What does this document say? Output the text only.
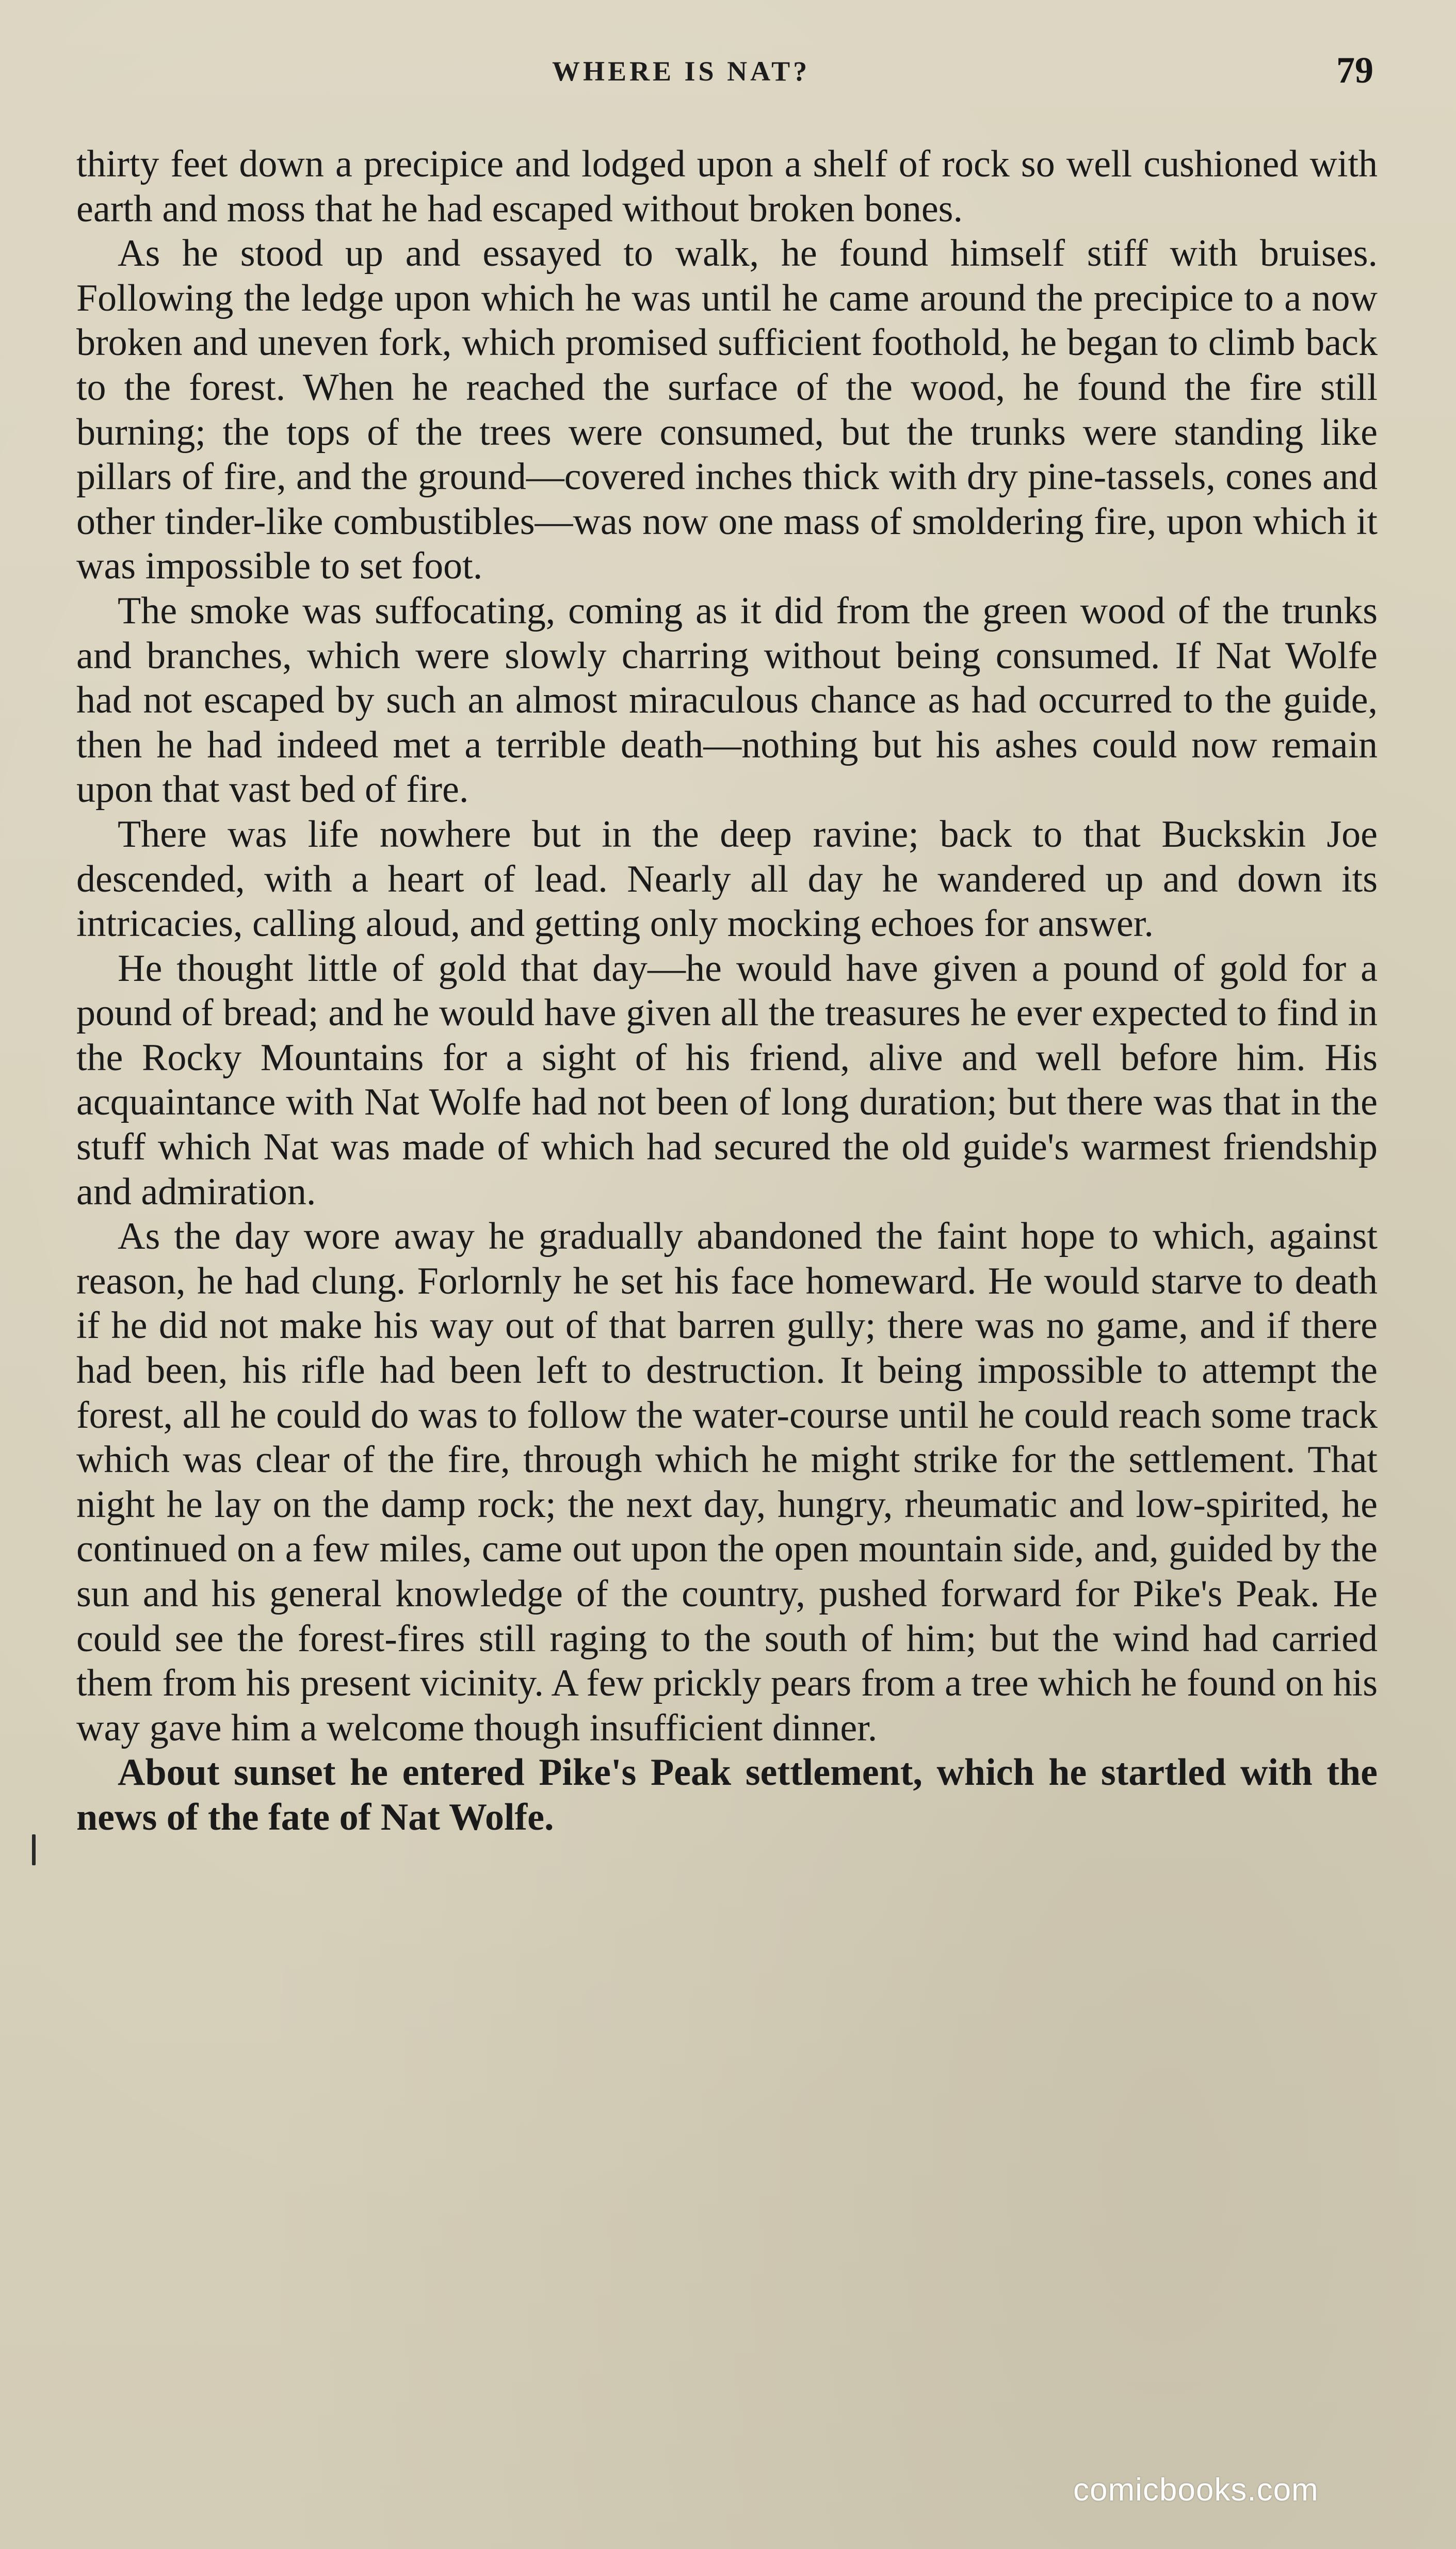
WHERE IS NAT?	79

thirty feet down a precipice and lodged upon a shelf of rock so well cushioned with earth and moss that he had escaped without broken bones.

As he stood up and essayed to walk, he found himself stiff with bruises. Following the ledge upon which he was until he came around the precipice to a now broken and uneven fork, which promised sufficient foothold, he began to climb back to the forest. When he reached the surface of the wood, he found the fire still burning; the tops of the trees were consumed, but the trunks were standing like pillars of fire, and the ground—covered inches thick with dry pine-tassels, cones and other tinder-like combustibles—was now one mass of smoldering fire, upon which it was impossible to set foot.

The smoke was suffocating, coming as it did from the green wood of the trunks and branches, which were slowly charring without being consumed. If Nat Wolfe had not escaped by such an almost miraculous chance as had occurred to the guide, then he had indeed met a terrible death—nothing but his ashes could now remain upon that vast bed of fire.

There was life nowhere but in the deep ravine; back to that Buckskin Joe descended, with a heart of lead. Nearly all day he wandered up and down its intricacies, calling aloud, and getting only mocking echoes for answer.

He thought little of gold that day—he would have given a pound of gold for a pound of bread; and he would have given all the treasures he ever expected to find in the Rocky Mountains for a sight of his friend, alive and well before him. His acquaintance with Nat Wolfe had not been of long duration; but there was that in the stuff which Nat was made of which had secured the old guide's warmest friendship and admiration.

As the day wore away he gradually abandoned the faint hope to which, against reason, he had clung. Forlornly he set his face homeward. He would starve to death if he did not make his way out of that barren gully; there was no game, and if there had been, his rifle had been left to destruction. It being impossible to attempt the forest, all he could do was to follow the water-course until he could reach some track which was clear of the fire, through which he might strike for the settlement. That night he lay on the damp rock; the next day, hungry, rheumatic and low-spirited, he continued on a few miles, came out upon the open mountain side, and, guided by the sun and his general knowledge of the country, pushed forward for Pike's Peak. He could see the forest-fires still raging to the south of him; but the wind had carried them from his present vicinity. A few prickly pears from a tree which he found on his way gave him a welcome though insufficient dinner.

About sunset he entered Pike's Peak settlement, which he startled with the news of the fate of Nat Wolfe.

comicbooks.com
